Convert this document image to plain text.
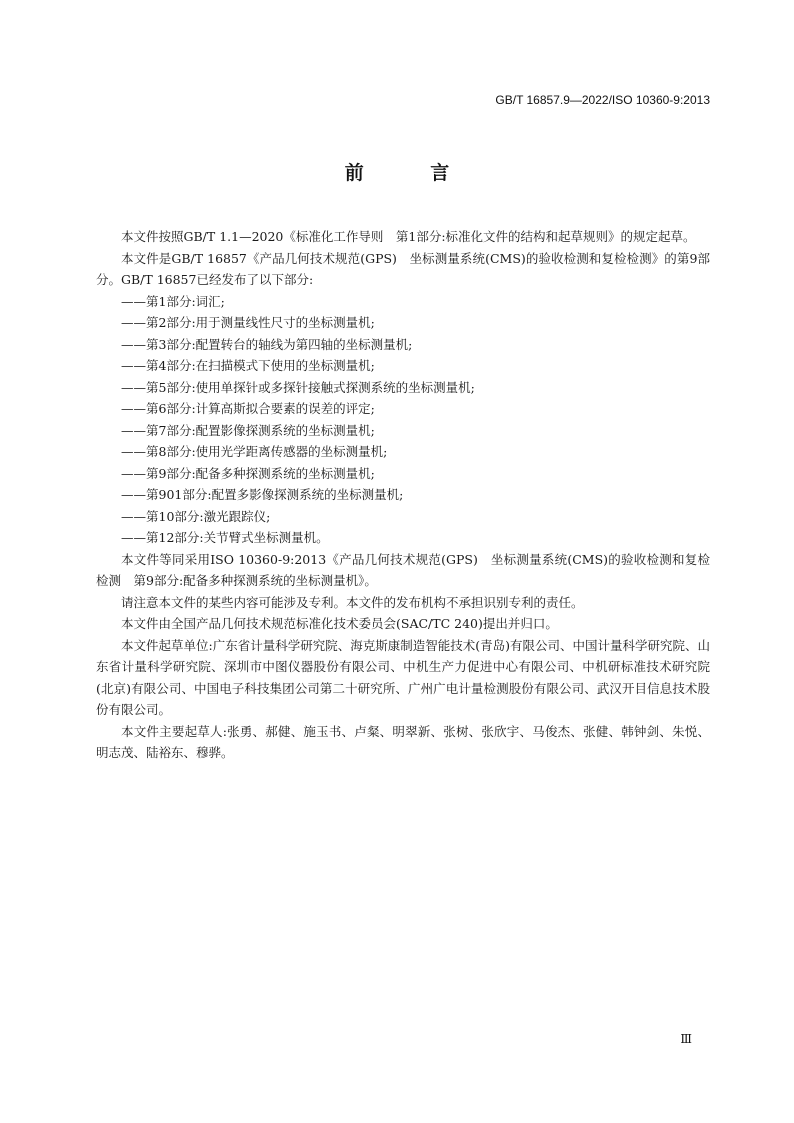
GB/T 16857.9—2022/ISO 10360-9:2013
前 言

本文件按照GB/T 1.1—2020《标准化工作导则　第1部分:标准化文件的结构和起草规则》的规定起草。

本文件是GB/T 16857《产品几何技术规范(GPS)　坐标测量系统(CMS)的验收检测和复检检测》的第9部分。GB/T 16857已经发布了以下部分:

——第1部分:词汇;

——第2部分:用于测量线性尺寸的坐标测量机;

——第3部分:配置转台的轴线为第四轴的坐标测量机;

——第4部分:在扫描模式下使用的坐标测量机;

——第5部分:使用单探针或多探针接触式探测系统的坐标测量机;

——第6部分:计算高斯拟合要素的误差的评定;

——第7部分:配置影像探测系统的坐标测量机;

——第8部分:使用光学距离传感器的坐标测量机;

——第9部分:配备多种探测系统的坐标测量机;

——第901部分:配置多影像探测系统的坐标测量机;

——第10部分:激光跟踪仪;

——第12部分:关节臂式坐标测量机。

本文件等同采用ISO 10360-9:2013《产品几何技术规范(GPS)　坐标测量系统(CMS)的验收检测和复检检测　第9部分:配备多种探测系统的坐标测量机》。

请注意本文件的某些内容可能涉及专利。本文件的发布机构不承担识别专利的责任。

本文件由全国产品几何技术规范标准化技术委员会(SAC/TC 240)提出并归口。

本文件起草单位:广东省计量科学研究院、海克斯康制造智能技术(青岛)有限公司、中国计量科学研究院、山东省计量科学研究院、深圳市中图仪器股份有限公司、中机生产力促进中心有限公司、中机研标准技术研究院(北京)有限公司、中国电子科技集团公司第二十研究所、广州广电计量检测股份有限公司、武汉开目信息技术股份有限公司。

本文件主要起草人:张勇、郝健、施玉书、卢粲、明翠新、张树、张欣宇、马俊杰、张健、韩钟剑、朱悦、明志茂、陆裕东、穆骅。

Ⅲ
